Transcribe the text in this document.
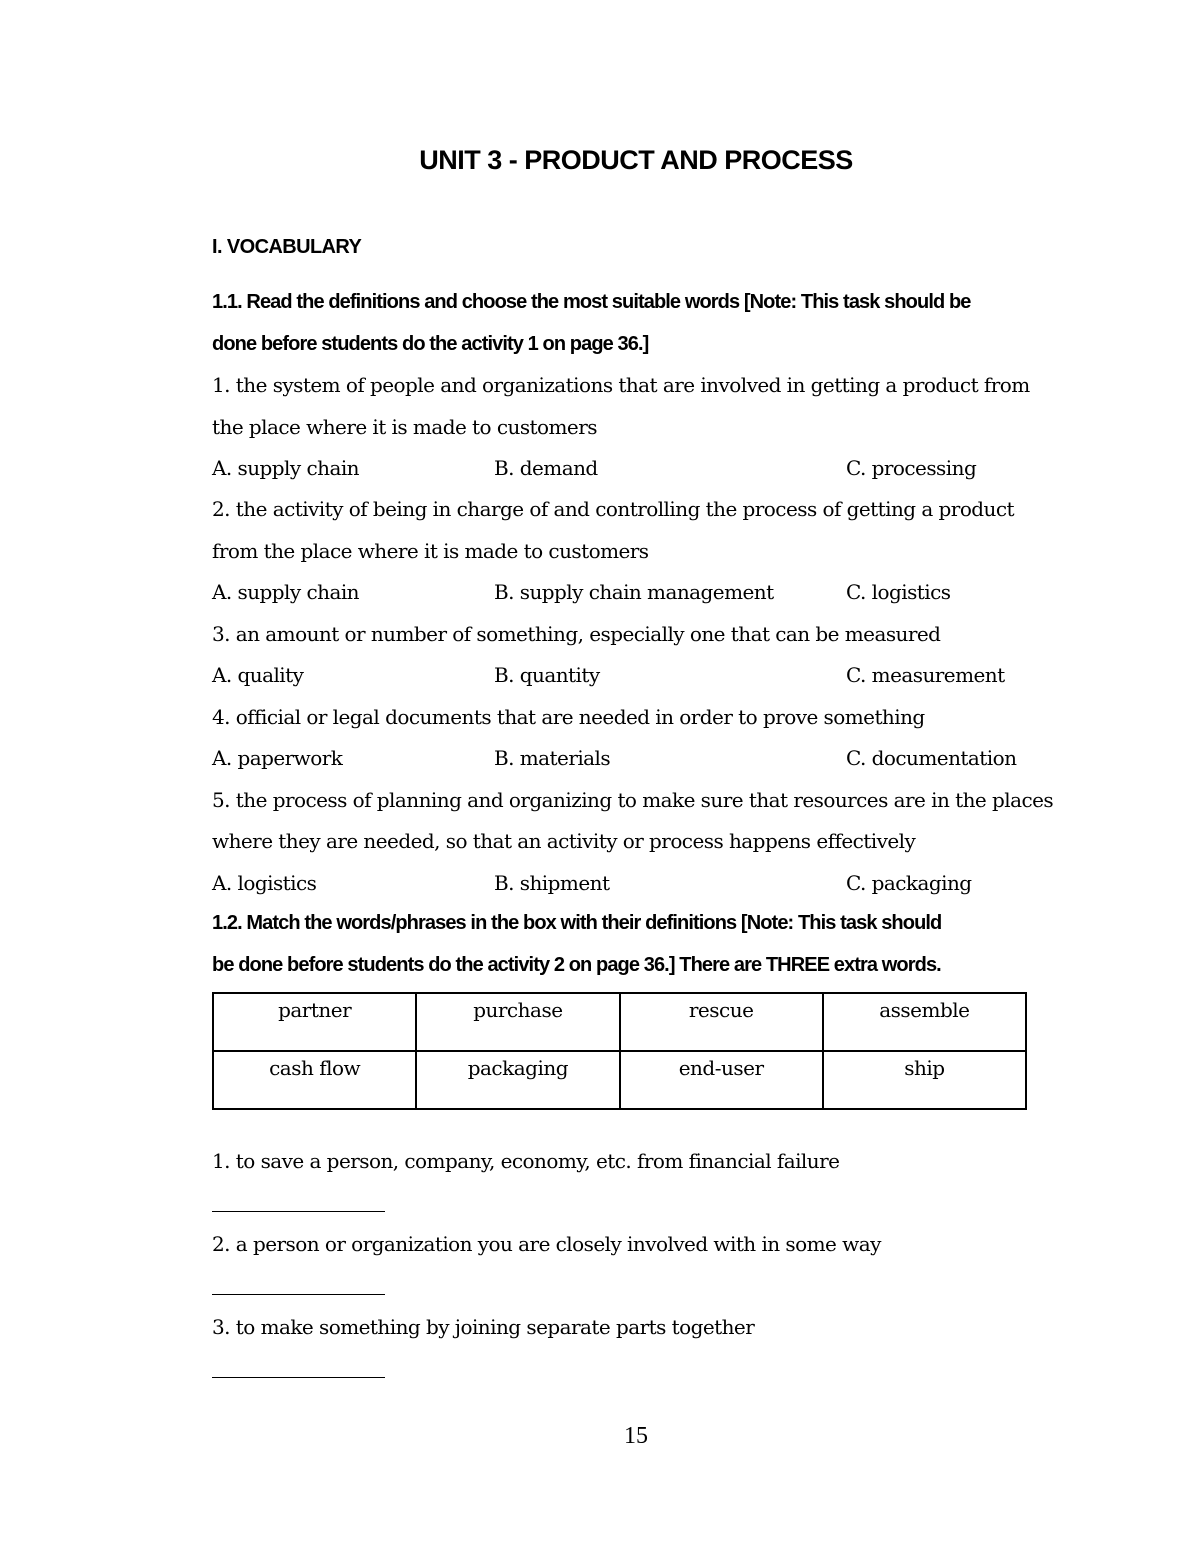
UNIT 3 - PRODUCT AND PROCESS
I. VOCABULARY
1.1. Read the definitions and choose the most suitable words [Note: This task should be
done before students do the activity 1 on page 36.]
1. the system of people and organizations that are involved in getting a product from
the place where it is made to customers
A. supply chain	B. demand	C. processing
2. the activity of being in charge of and controlling the process of getting a product
from the place where it is made to customers
A. supply chain	B. supply chain management	C. logistics
3. an amount or number of something, especially one that can be measured
A. quality	B. quantity	C. measurement
4. official or legal documents that are needed in order to prove something
A. paperwork	B. materials	C. documentation
5. the process of planning and organizing to make sure that resources are in the places
where they are needed, so that an activity or process happens effectively
A. logistics	B. shipment	C. packaging
1.2. Match the words/phrases in the box with their definitions [Note: This task should
be done before students do the activity 2 on page 36.] There are THREE extra words.
partner	purchase	rescue	assemble
cash flow	packaging	end-user	ship
1. to save a person, company, economy, etc. from financial failure
2. a person or organization you are closely involved with in some way
3. to make something by joining separate parts together
15
